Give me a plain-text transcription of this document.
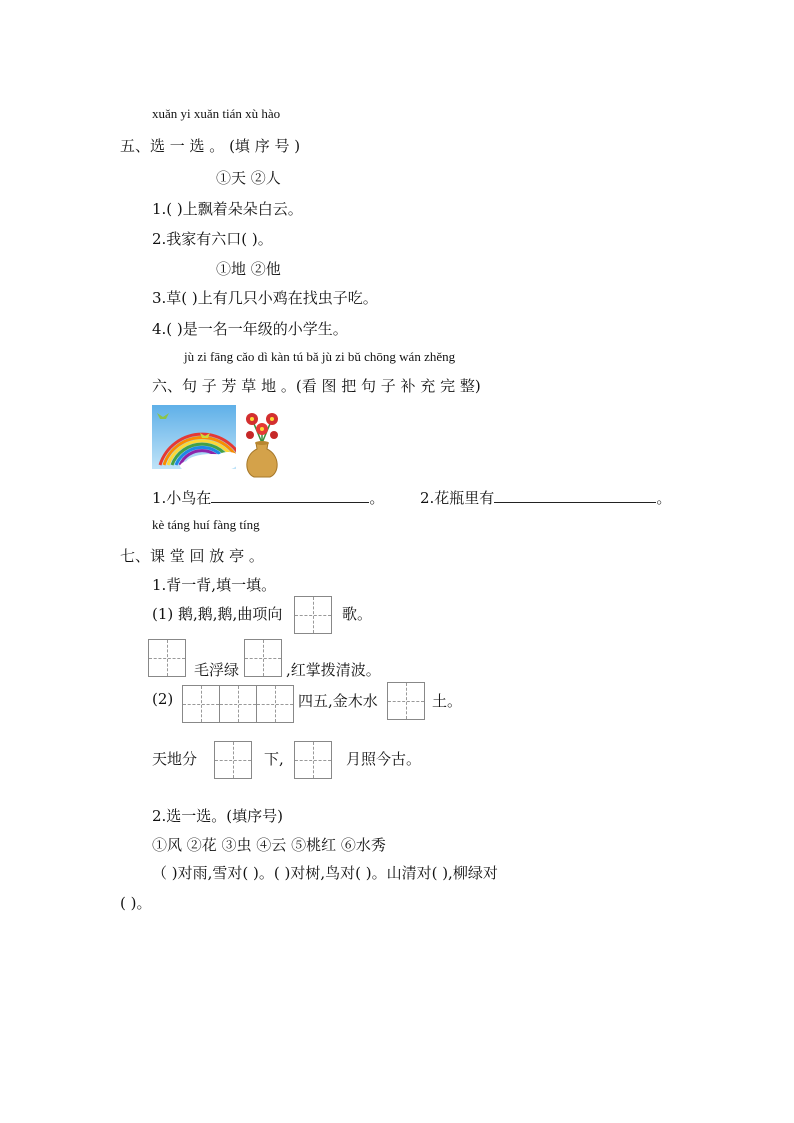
xuǎn yi xuǎn tián xù hào
五、选 一 选 。 (填 序 号 )
①天 ②人
1.( )上飘着朵朵白云。
2.我家有六口( )。
①地 ②他
3.草( )上有几只小鸡在找虫子吃。
4.( )是一名一年级的小学生。
jù zi fāng cǎo dì kàn tú bǎ jù zi bǔ chōng wán zhěng
六、句 子 芳 草 地 。(看 图 把 句 子 补 充 完 整)
1.小鸟在	。 2.花瓶里有	。
kè táng huí fàng tíng
七、课 堂 回 放 亭 。
1.背一背,填一填。
(1) 鹅,鹅,鹅,曲项向	歌。
毛浮绿	,红掌拨清波。
(2)	四五,金木水	土。
天地分	下,	月照今古。
2.选一选。(填序号)
①风 ②花 ③虫 ④云 ⑤桃红 ⑥水秀
（ )对雨,雪对( )。( )对树,鸟对( )。山清对( ),柳绿对
( )。
